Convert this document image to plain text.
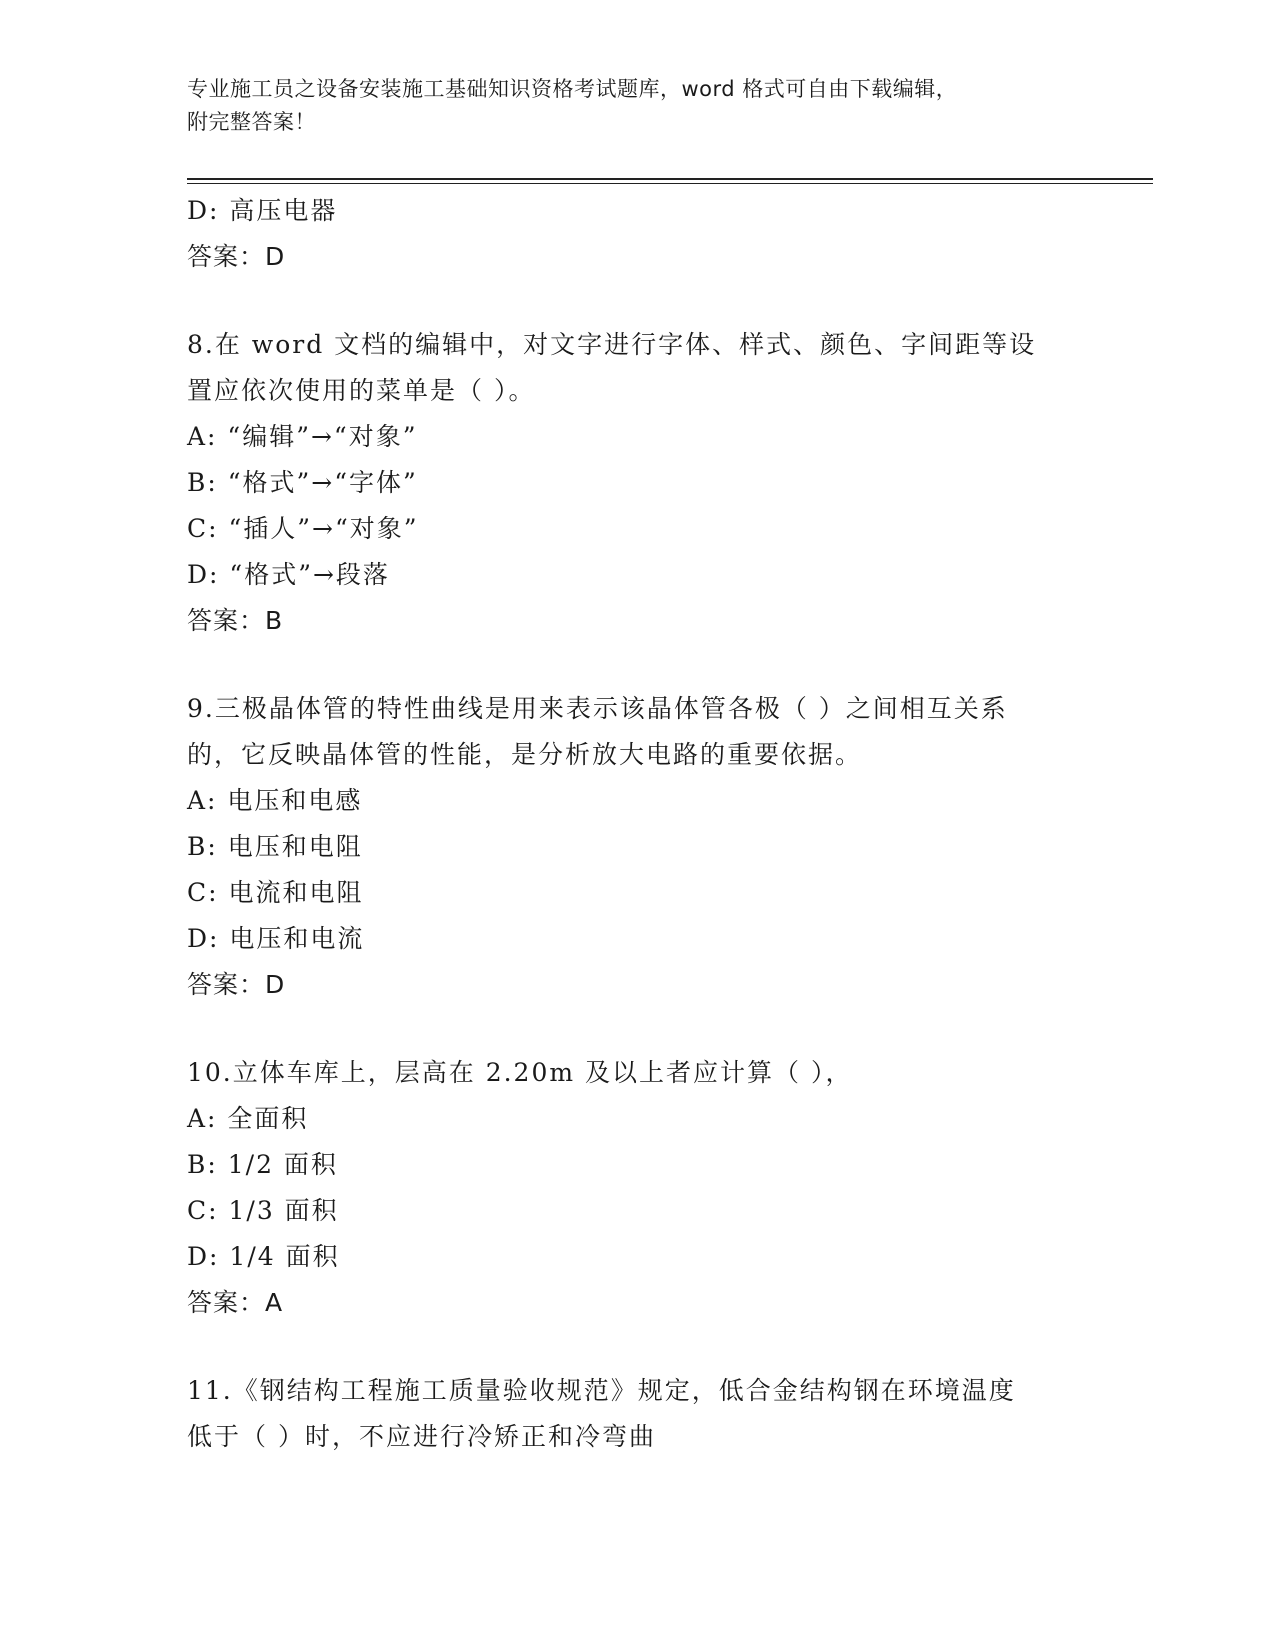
专业施工员之设备安装施工基础知识资格考试题库，word 格式可自由下载编辑，
附完整答案！
D: 高压电器
答案：D
8.在 word 文档的编辑中，对文字进行字体、样式、颜色、字间距等设
置应依次使用的菜单是（ ）。
A: “编辑”→“对象”
B: “格式”→“字体”
C: “插人”→“对象”
D: “格式”→段落
答案：B
9.三极晶体管的特性曲线是用来表示该晶体管各极（ ）之间相互关系
的，它反映晶体管的性能，是分析放大电路的重要依据。
A: 电压和电感
B: 电压和电阻
C: 电流和电阻
D: 电压和电流
答案：D
10.立体车库上，层高在 2.20m 及以上者应计算（ ），
A: 全面积
B: 1/2 面积
C: 1/3 面积
D: 1/4 面积
答案：A
11.《钢结构工程施工质量验收规范》规定，低合金结构钢在环境温度
低于（ ）时，不应进行冷矫正和冷弯曲
